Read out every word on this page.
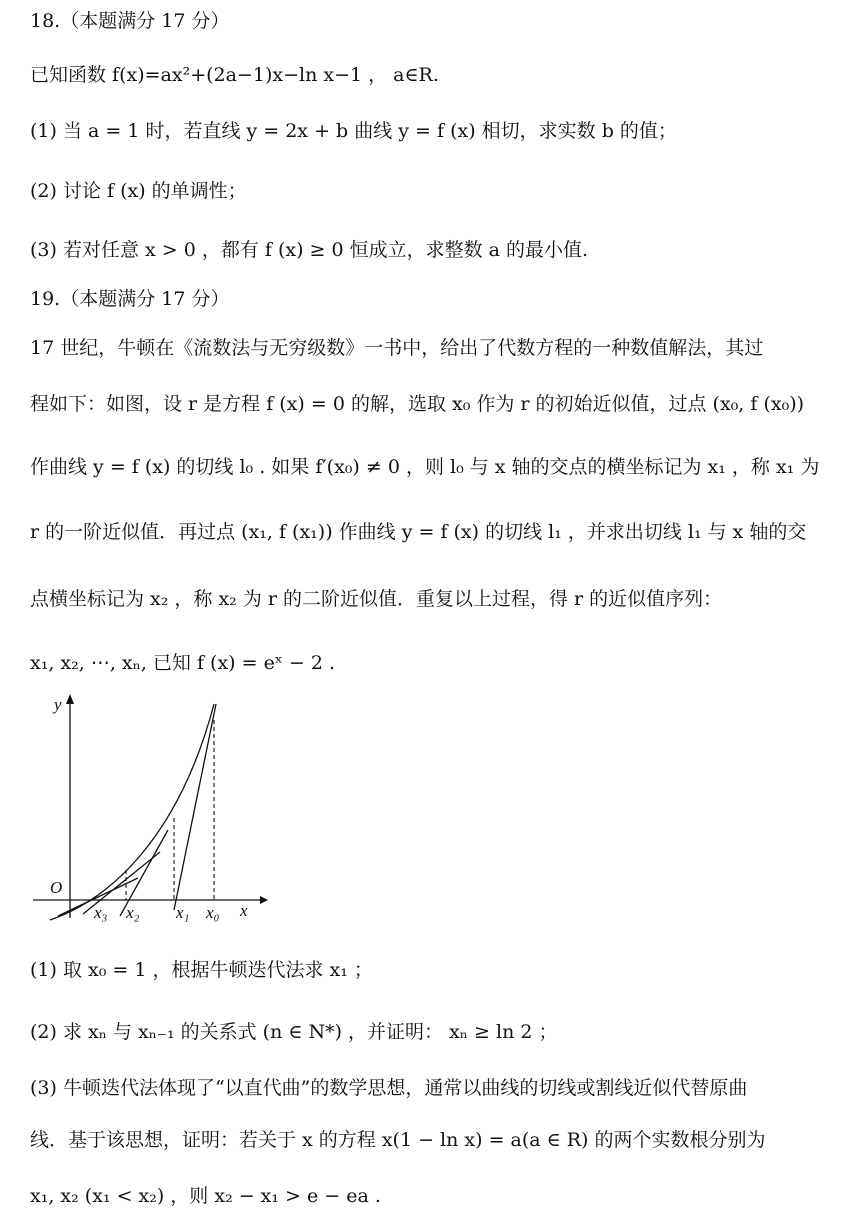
18.（本题满分 17 分）
已知函数 f(x)=ax²+(2a−1)x−ln x−1 ， a∈R.
(1) 当 a = 1 时，若直线 y = 2x + b 曲线 y = f (x) 相切，求实数 b 的值；
(2) 讨论 f (x) 的单调性；
(3) 若对任意 x > 0 ，都有 f (x) ≥ 0 恒成立，求整数 a 的最小值.
19.（本题满分 17 分）
17 世纪，牛顿在《流数法与无穷级数》一书中，给出了代数方程的一种数值解法，其过
程如下：如图，设 r 是方程 f (x) = 0 的解，选取 x₀ 作为 r 的初始近似值，过点 (x₀, f (x₀))
作曲线 y = f (x) 的切线 l₀ . 如果 f′(x₀) ≠ 0 ，则 l₀ 与 x 轴的交点的横坐标记为 x₁ ，称 x₁ 为
r 的一阶近似值．再过点 (x₁, f (x₁)) 作曲线 y = f (x) 的切线 l₁ ，并求出切线 l₁ 与 x 轴的交
点横坐标记为 x₂ ，称 x₂ 为 r 的二阶近似值．重复以上过程，得 r 的近似值序列：
x₁, x₂, ⋯, xₙ, 已知 f (x) = eˣ − 2 .
y
O
x
x₃ x₂ x₁ x₀
(1) 取 x₀ = 1 ，根据牛顿迭代法求 x₁ ；
(2) 求 xₙ 与 xₙ₋₁ 的关系式 (n ∈ N*) ，并证明： xₙ ≥ ln 2 ；
(3) 牛顿迭代法体现了“以直代曲”的数学思想，通常以曲线的切线或割线近似代替原曲
线．基于该思想，证明：若关于 x 的方程 x(1 − ln x) = a(a ∈ R) 的两个实数根分别为
x₁, x₂ (x₁ < x₂) ，则 x₂ − x₁ > e − ea .
